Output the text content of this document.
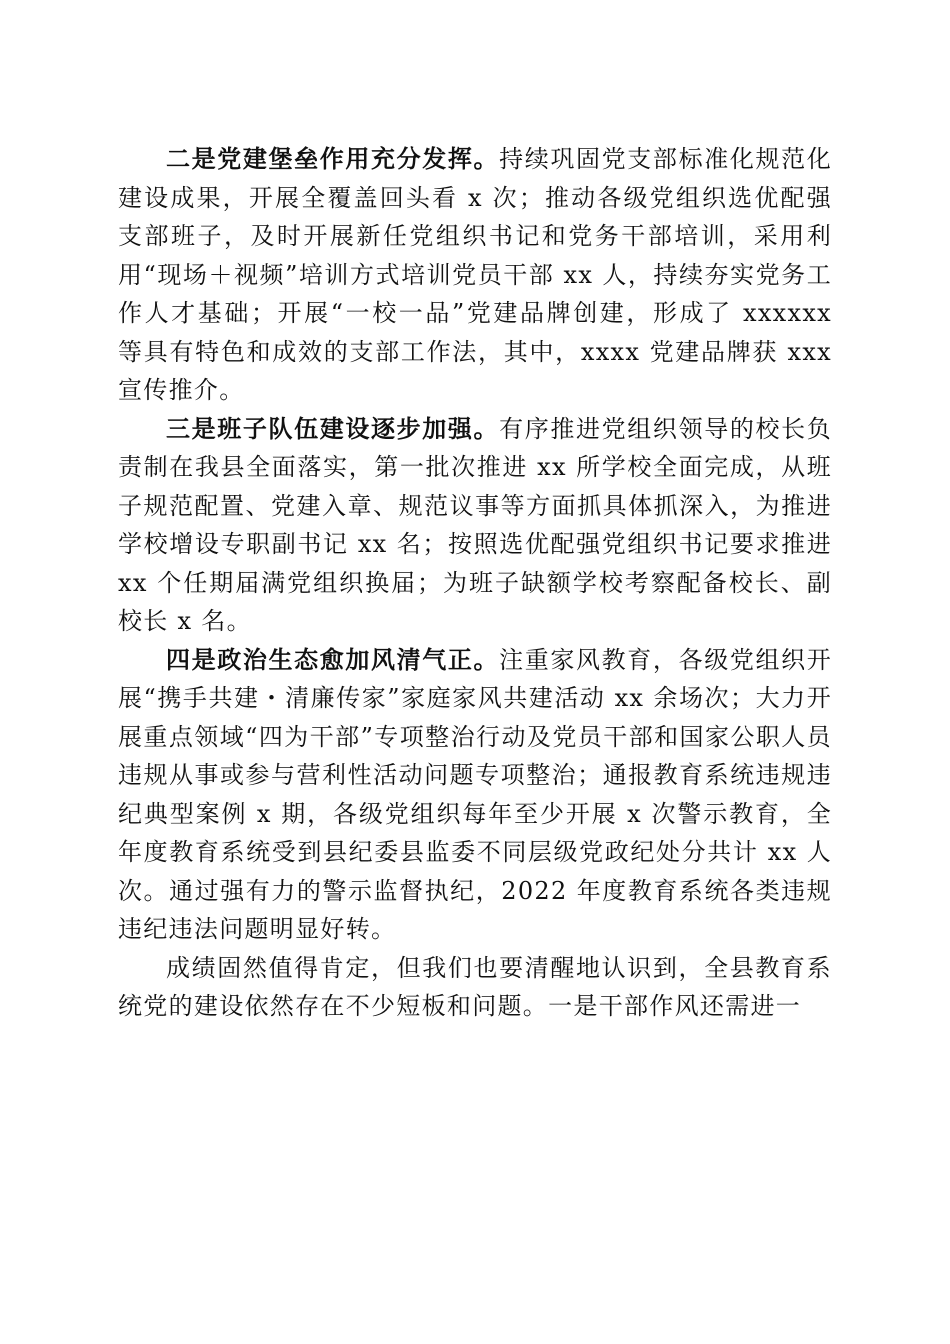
二是党建堡垒作用充分发挥。持续巩固党支部标准化规范化建设成果，开展全覆盖回头看 x 次；推动各级党组织选优配强支部班子，及时开展新任党组织书记和党务干部培训，采用利用“现场＋视频”培训方式培训党员干部 xx 人，持续夯实党务工作人才基础；开展“一校一品”党建品牌创建，形成了 xxxxxx 等具有特色和成效的支部工作法，其中，xxxx 党建品牌获 xxx 宣传推介。

三是班子队伍建设逐步加强。有序推进党组织领导的校长负责制在我县全面落实，第一批次推进 xx 所学校全面完成，从班子规范配置、党建入章、规范议事等方面抓具体抓深入，为推进学校增设专职副书记 xx 名；按照选优配强党组织书记要求推进 xx 个任期届满党组织换届；为班子缺额学校考察配备校长、副校长 x 名。

四是政治生态愈加风清气正。注重家风教育，各级党组织开展“携手共建・清廉传家”家庭家风共建活动 xx 余场次；大力开展重点领域“四为干部”专项整治行动及党员干部和国家公职人员违规从事或参与营利性活动问题专项整治；通报教育系统违规违纪典型案例 x 期，各级党组织每年至少开展 x 次警示教育，全年度教育系统受到县纪委县监委不同层级党政纪处分共计 xx 人次。通过强有力的警示监督执纪，2022 年度教育系统各类违规违纪违法问题明显好转。

成绩固然值得肯定，但我们也要清醒地认识到，全县教育系统党的建设依然存在不少短板和问题。一是干部作风还需进一
